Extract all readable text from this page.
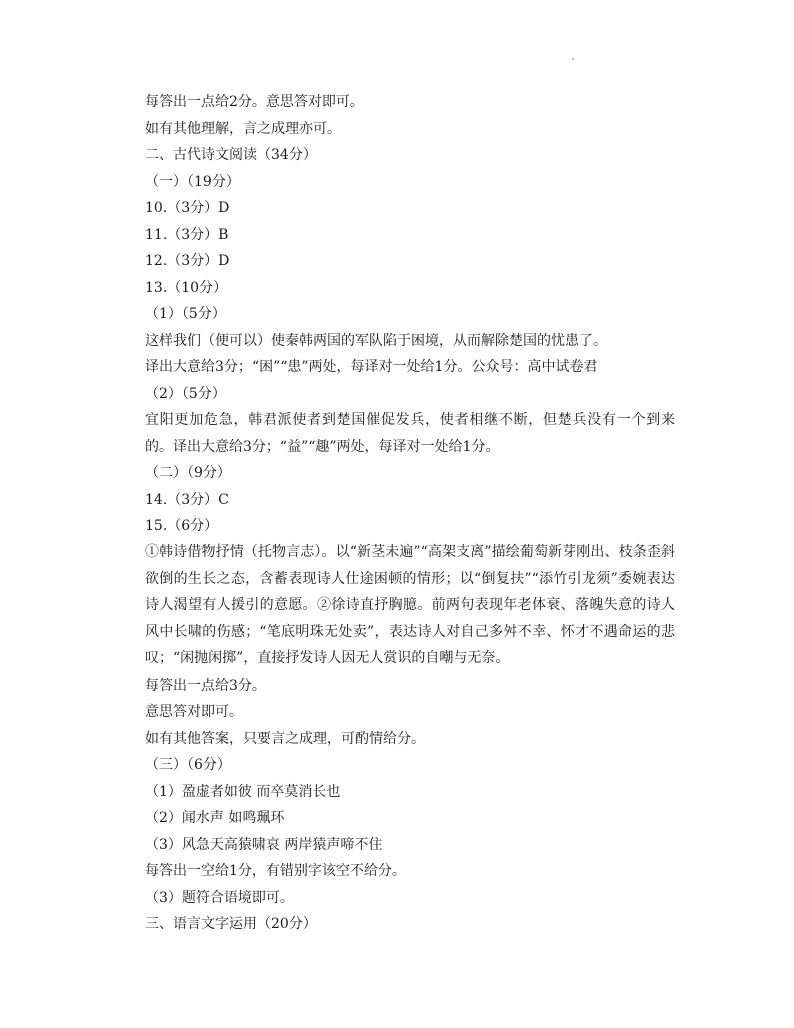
每答出一点给2分。意思答对即可。
如有其他理解，言之成理亦可。
二、古代诗文阅读（34分）
（一）（19分）
10.（3分）D
11.（3分）B
12.（3分）D
13.（10分）
（1）（5分）
这样我们（便可以）使秦韩两国的军队陷于困境，从而解除楚国的忧患了。
译出大意给3分；“困”“患”两处，每译对一处给1分。公众号：高中试卷君
（2）（5分）
宜阳更加危急，韩君派使者到楚国催促发兵，使者相继不断，但楚兵没有一个到来的。译出大意给3分；“益”“趣”两处，每译对一处给1分。
（二）（9分）
14.（3分）C
15.（6分）
①韩诗借物抒情（托物言志）。以“新茎未遍”“高架支离”描绘葡萄新芽刚出、枝条歪斜欲倒的生长之态，含蓄表现诗人仕途困顿的情形；以“倒复扶”“添竹引龙须”委婉表达诗人渴望有人援引的意愿。②徐诗直抒胸臆。前两句表现年老体衰、落魄失意的诗人风中长啸的伤感；“笔底明珠无处卖”，表达诗人对自己多舛不幸、怀才不遇命运的悲叹；“闲抛闲掷”，直接抒发诗人因无人赏识的自嘲与无奈。
每答出一点给3分。
意思答对即可。
如有其他答案，只要言之成理，可酌情给分。
（三）（6分）
（1）盈虚者如彼 而卒莫消长也
（2）闻水声 如鸣珮环
（3）风急天高猿啸哀 两岸猿声啼不住
每答出一空给1分，有错别字该空不给分。
（3）题符合语境即可。
三、语言文字运用（20分）
